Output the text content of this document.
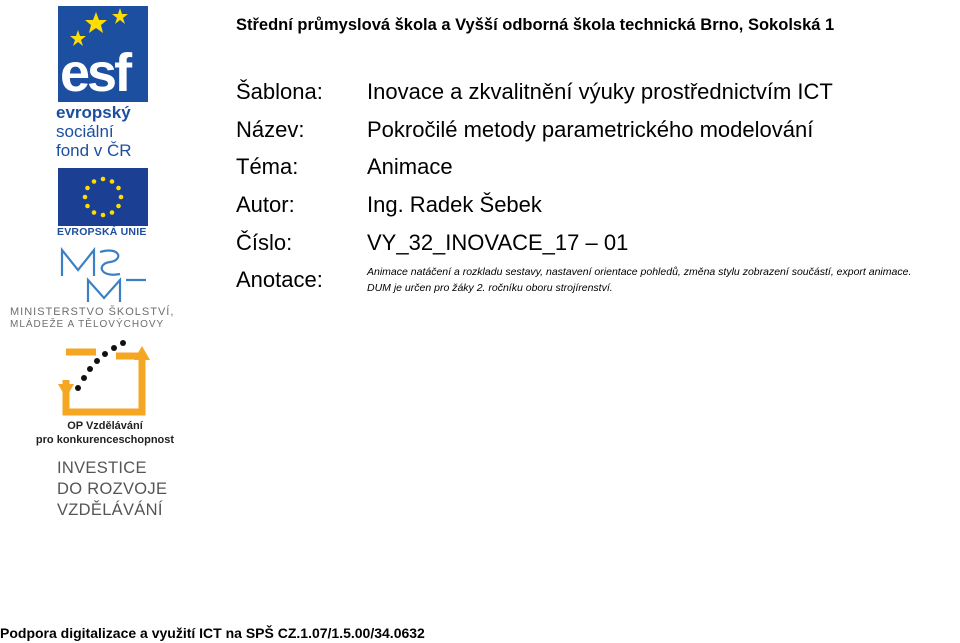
Střední průmyslová škola a Vyšší odborná škola technická Brno, Sokolská 1
Šablona: Inovace a zkvalitnění výuky prostřednictvím ICT
Název:	Pokročilé metody parametrického modelování
Téma:	Animace
Autor:	Ing. Radek Šebek
Číslo:	VY_32_INOVACE_17 – 01
Anotace:	Animace natáčení a rozkladu sestavy, nastavení orientace pohledů, změna stylu zobrazení součástí, export animace.
DUM je určen pro žáky 2. ročníku oboru strojírenství.
esf
evropský
sociální
fond v ČR
EVROPSKÁ UNIE
MINISTERSTVO ŠKOLSTVÍ,
MLÁDEŽE A TĚLOVÝCHOVY
OP Vzdělávání
pro konkurenceschopnost
INVESTICE
DO ROZVOJE
VZDĚLÁVÁNÍ
Podpora digitalizace a využití ICT na SPŠ CZ.1.07/1.5.00/34.0632
